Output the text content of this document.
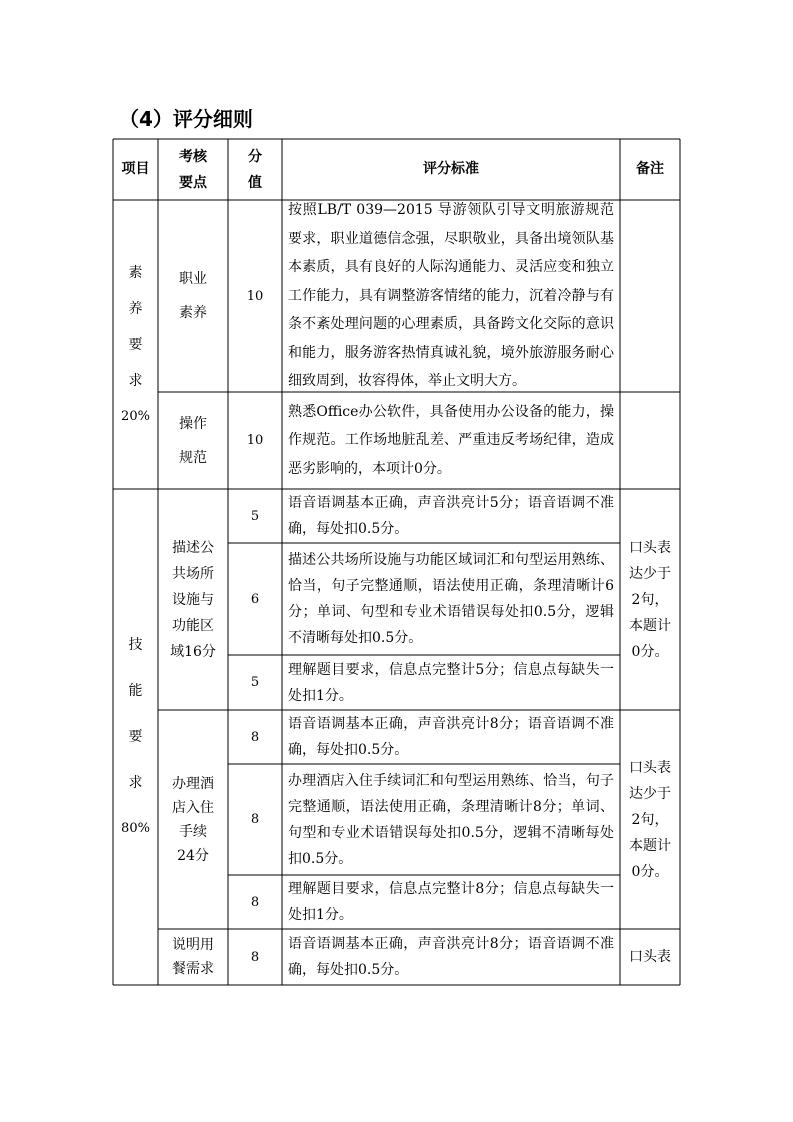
（4）评分细则
项目
考核
要点
分
值
评分标准	备注
素
养
要
求
20%
职业
素养
10
按照LB/T 039—2015 导游领队引导文明旅游规范要求，职业道德信念强，尽职敬业，具备出境领队基本素质，具有良好的人际沟通能力、灵活应变和独立工作能力，具有调整游客情绪的能力，沉着冷静与有条不紊处理问题的心理素质，具备跨文化交际的意识和能力，服务游客热情真诚礼貌，境外旅游服务耐心细致周到，妆容得体，举止文明大方。
操作
规范
10
熟悉Office办公软件，具备使用办公设备的能力，操作规范。工作场地脏乱差、严重违反考场纪律，造成恶劣影响的，本项计0分。
技
能
要
求
80%
描述公
共场所
设施与
功能区
域16分
5
语音语调基本正确，声音洪亮计5分；语音语调不准确，每处扣0.5分。
6
描述公共场所设施与功能区域词汇和句型运用熟练、恰当，句子完整通顺，语法使用正确，条理清晰计6分；单词、句型和专业术语错误每处扣0.5分，逻辑不清晰每处扣0.5分。
5
理解题目要求，信息点完整计5分；信息点每缺失一处扣1分。
口头表
达少于
2句，
本题计
0分。
办理酒
店入住
手续
24分
8
语音语调基本正确，声音洪亮计8分；语音语调不准确，每处扣0.5分。
8
办理酒店入住手续词汇和句型运用熟练、恰当，句子完整通顺，语法使用正确，条理清晰计8分；单词、句型和专业术语错误每处扣0.5分，逻辑不清晰每处扣0.5分。
8
理解题目要求，信息点完整计8分；信息点每缺失一处扣1分。
口头表
达少于
2句，
本题计
0分。
说明用
餐需求
8
语音语调基本正确，声音洪亮计8分；语音语调不准确，每处扣0.5分。
口头表
